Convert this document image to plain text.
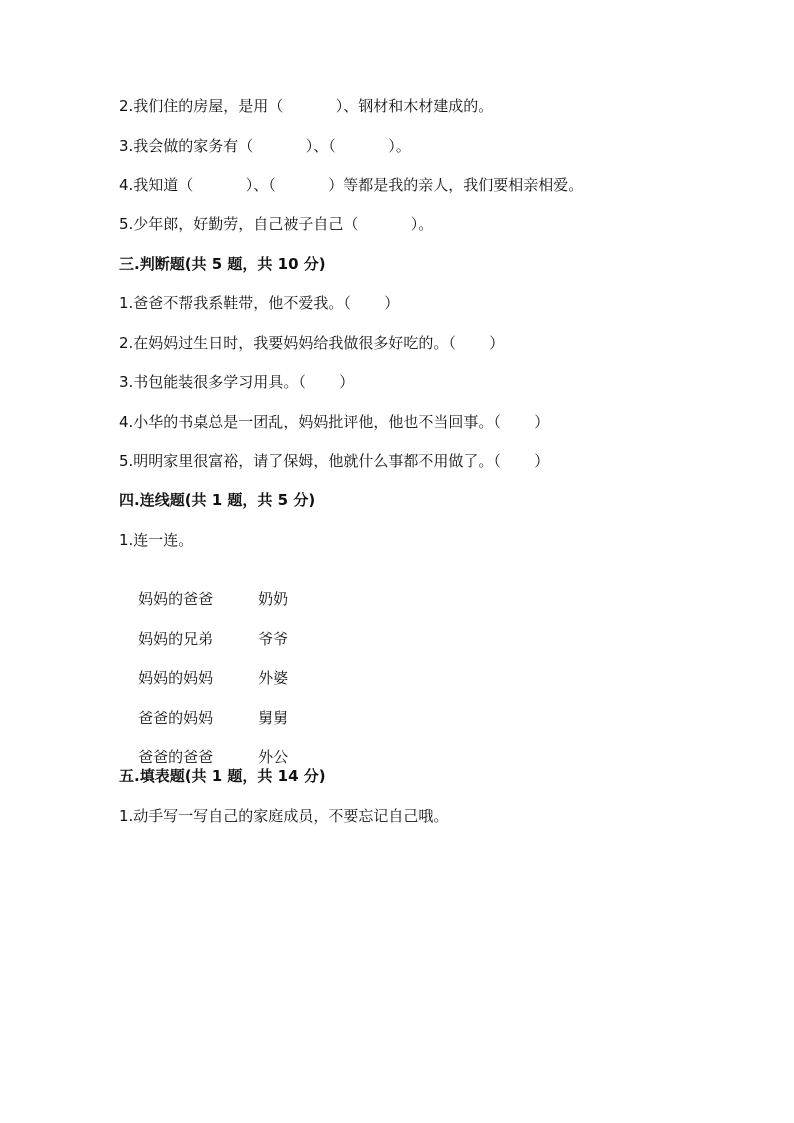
2.我们住的房屋，是用（           ）、钢材和木材建成的。
3.我会做的家务有（           ）、（           ）。
4.我知道（           ）、（           ）等都是我的亲人，我们要相亲相爱。
5.少年郎，好勤劳，自己被子自己（           ）。
三.判断题(共 5 题，共 10 分)
1.爸爸不帮我系鞋带，他不爱我。（       ）
2.在妈妈过生日时，我要妈妈给我做很多好吃的。（       ）
3.书包能装很多学习用具。（       ）
4.小华的书桌总是一团乱，妈妈批评他，他也不当回事。（       ）
5.明明家里很富裕，请了保姆，他就什么事都不用做了。（       ）
四.连线题(共 1 题，共 5 分)
1.连一连。

妈妈的爸爸	奶奶

妈妈的兄弟	爷爷

妈妈的妈妈	外婆

爸爸的妈妈	舅舅

爸爸的爸爸	外公

五.填表题(共 1 题，共 14 分)
1.动手写一写自己的家庭成员，不要忘记自己哦。
